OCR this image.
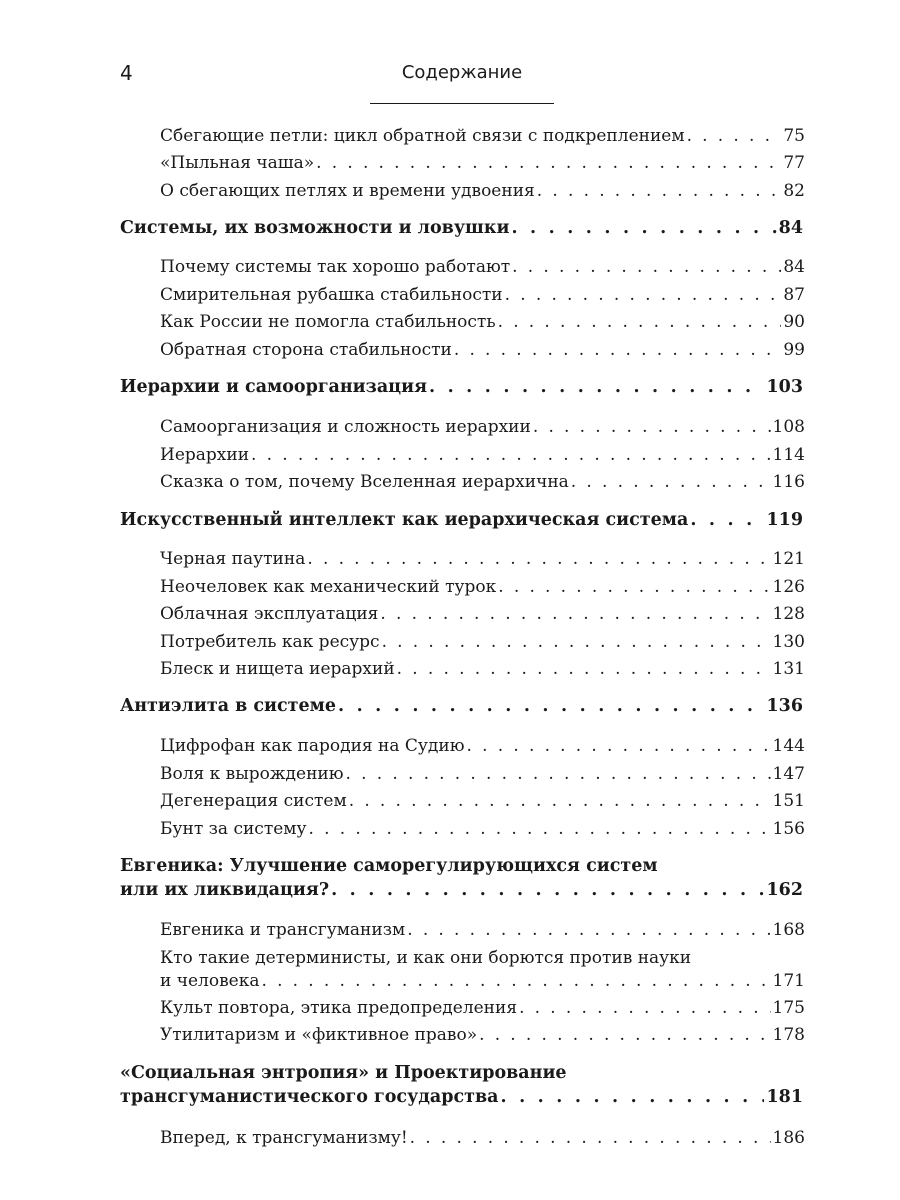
4	Содержание
Сбегающие петли: цикл обратной связи с подкреплением . . .	75
«Пыльная чаша» . . .	77
О сбегающих петлях и времени удвоения . . .	82
Системы, их возможности и ловушки . . .	84
Почему системы так хорошо работают . . .	84
Смирительная рубашка стабильности . . .	87
Как России не помогла стабильность . . .	90
Обратная сторона стабильности . . .	99
Иерархии и самоорганизация . . .	103
Самоорганизация и сложность иерархии . . .	108
Иерархии . . .	114
Сказка о том, почему Вселенная иерархична . . .	116
Искусственный интеллект как иерархическая система . . .	119
Черная паутина . . .	121
Неочеловек как механический турок . . .	126
Облачная эксплуатация . . .	128
Потребитель как ресурс . . .	130
Блеск и нищета иерархий . . .	131
Антиэлита в системе . . .	136
Цифрофан как пародия на Судию . . .	144
Воля к вырождению . . .	147
Дегенерация систем . . .	151
Бунт за систему . . .	156
Евгеника: Улучшение саморегулирующихся систем
или их ликвидация? . . .	162
Евгеника и трансгуманизм . . .	168
Кто такие детерминисты, и как они борются против науки
и человека . . .	171
Культ повтора, этика предопределения . . .	175
Утилитаризм и «фиктивное право» . . .	178
«Социальная энтропия» и Проектирование
трансгуманистического государства . . .	181
Вперед, к трансгуманизму! . . .	186
